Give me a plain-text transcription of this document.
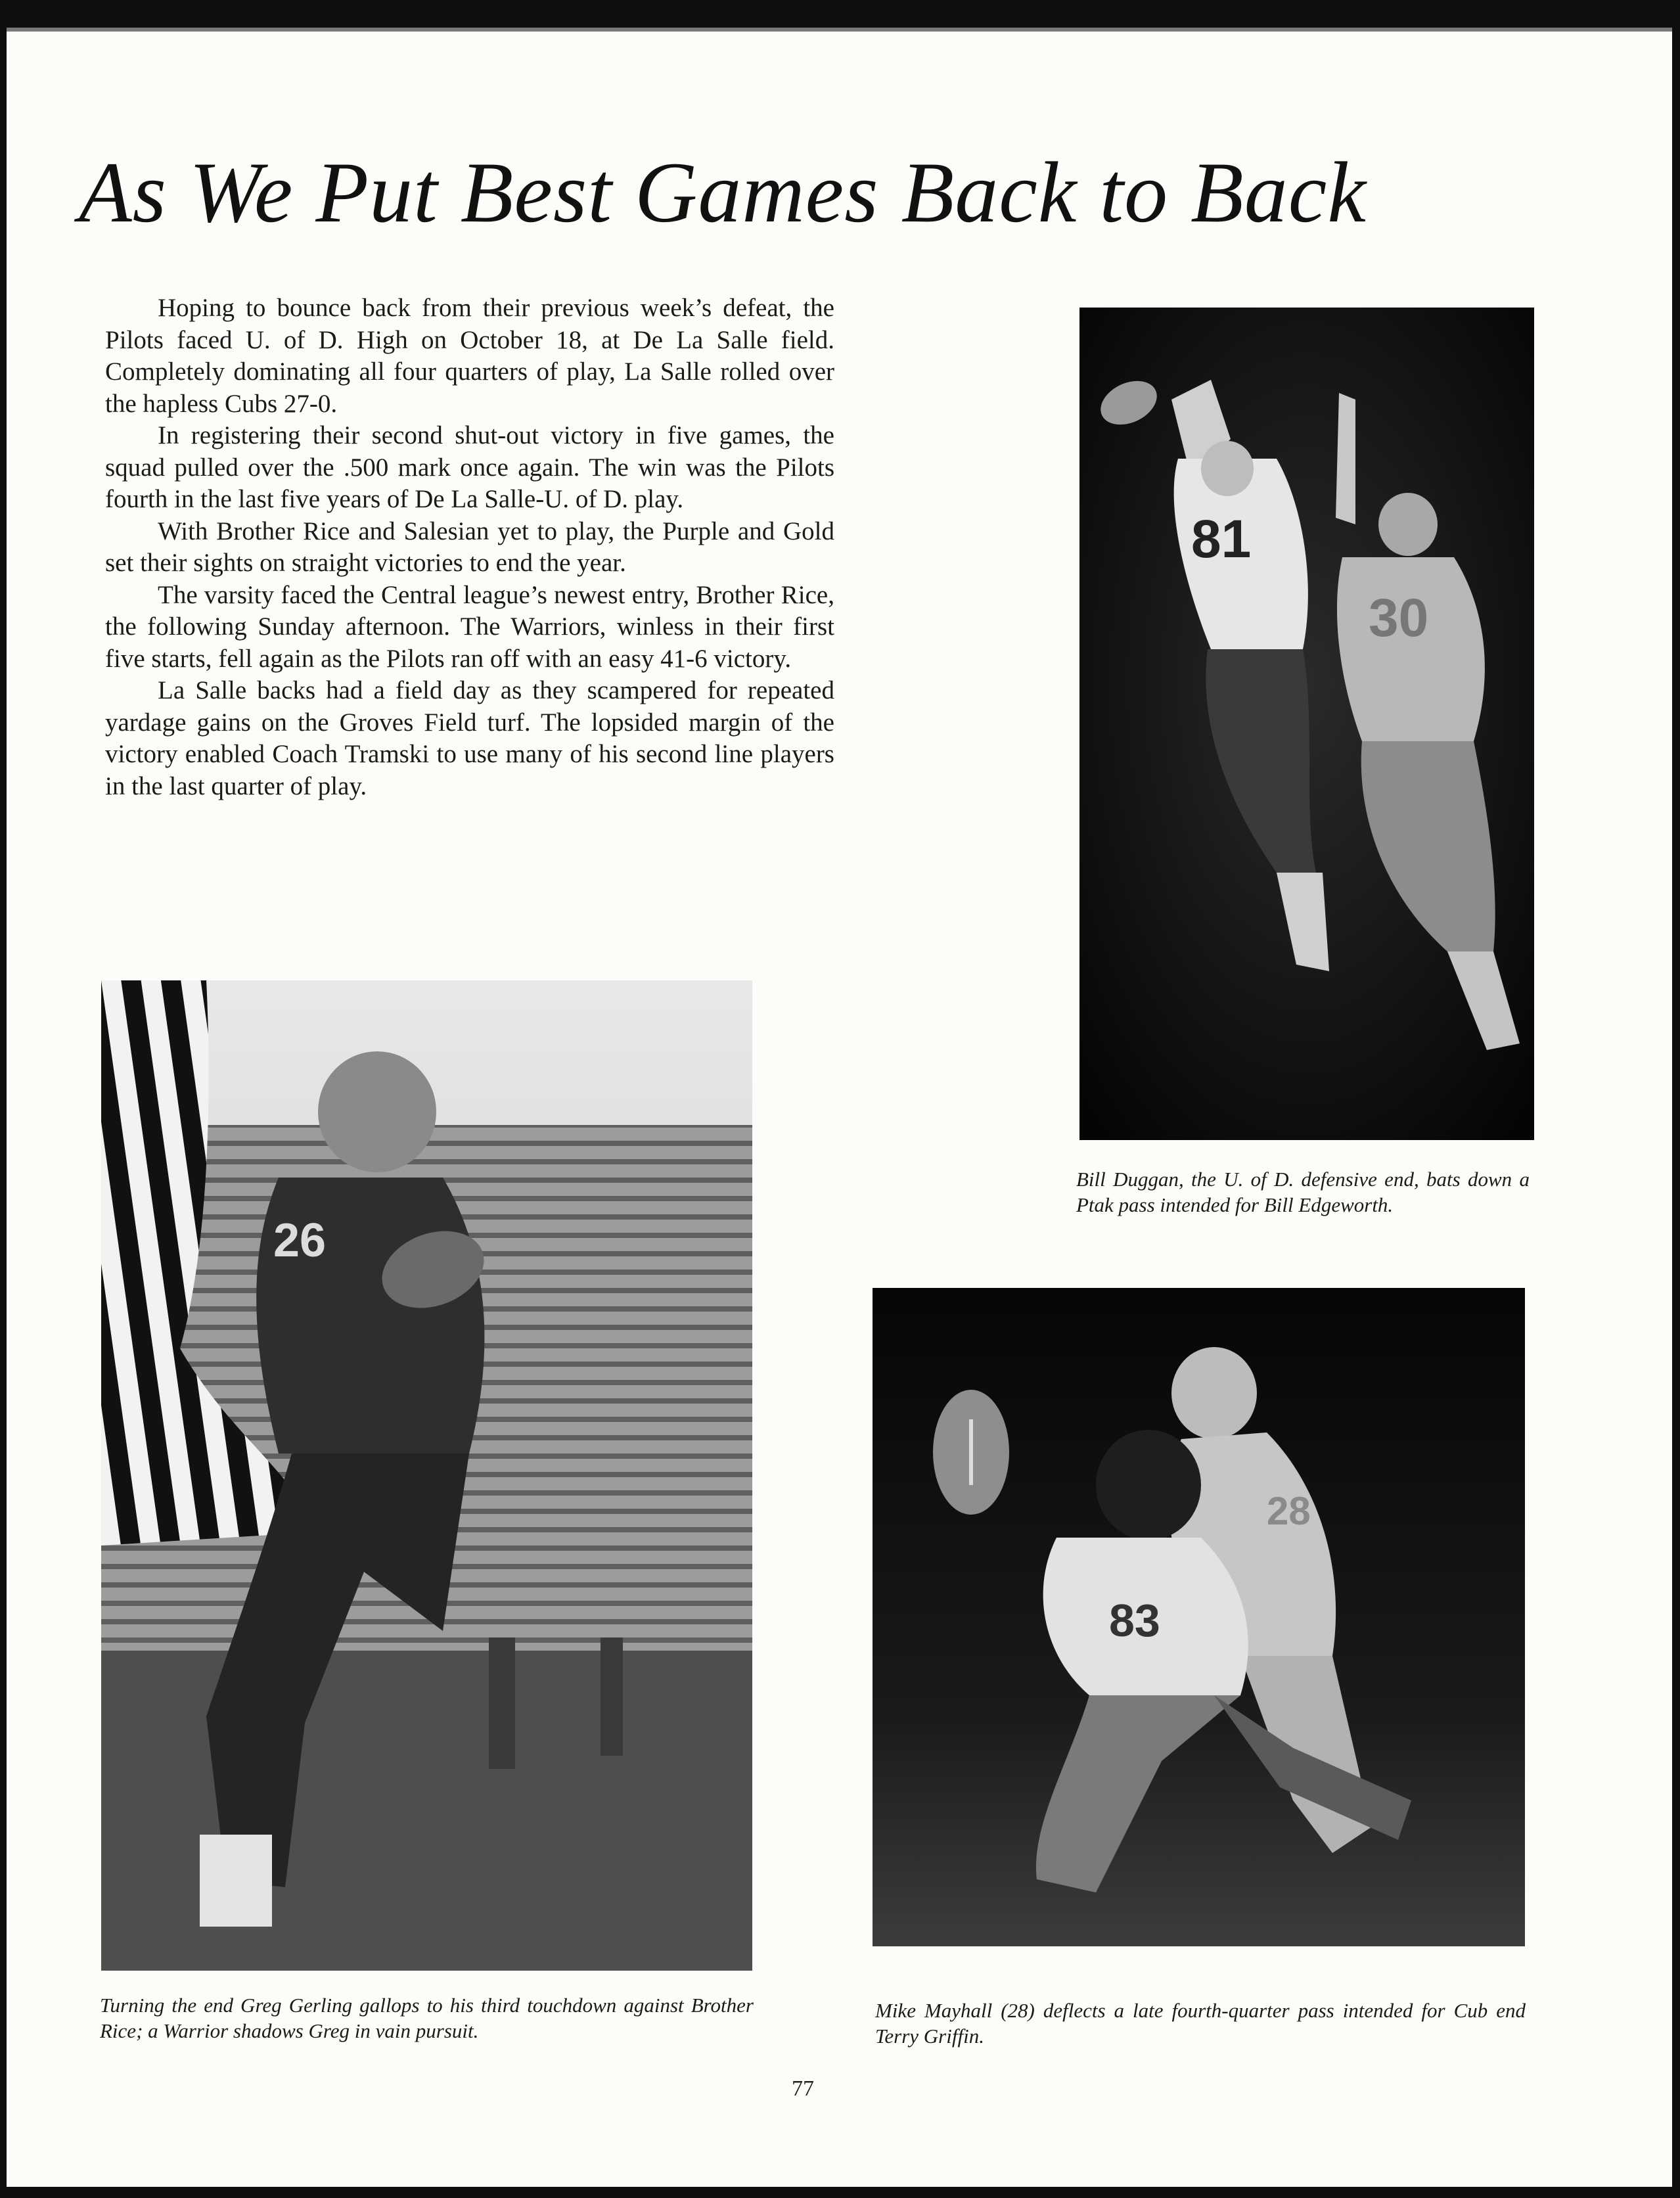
As We Put Best Games Back to Back

Hoping to bounce back from their previous week’s defeat, the Pilots faced U. of D. High on October 18, at De La Salle field. Completely dominating all four quarters of play, La Salle rolled over the hapless Cubs 27-0.

In registering their second shut-out victory in five games, the squad pulled over the .500 mark once again. The win was the Pilots fourth in the last five years of De La Salle-U. of D. play.

With Brother Rice and Salesian yet to play, the Purple and Gold set their sights on straight victories to end the year.

The varsity faced the Central league’s newest entry, Brother Rice, the following Sunday afternoon. The Warriors, winless in their first five starts, fell again as the Pilots ran off with an easy 41-6 victory.

La Salle backs had a field day as they scampered for repeated yardage gains on the Groves Field turf. The lopsided margin of the victory enabled Coach Tramski to use many of his second line players in the last quarter of play.

81
30
Bill Duggan, the U. of D. defensive end, bats down a Ptak pass intended for Bill Edgeworth.
26
Turning the end Greg Gerling gallops to his third touchdown against Brother Rice; a Warrior shadows Greg in vain pursuit.
28
83
Mike Mayhall (28) deflects a late fourth-quarter pass intended for Cub end Terry Griffin.
77
